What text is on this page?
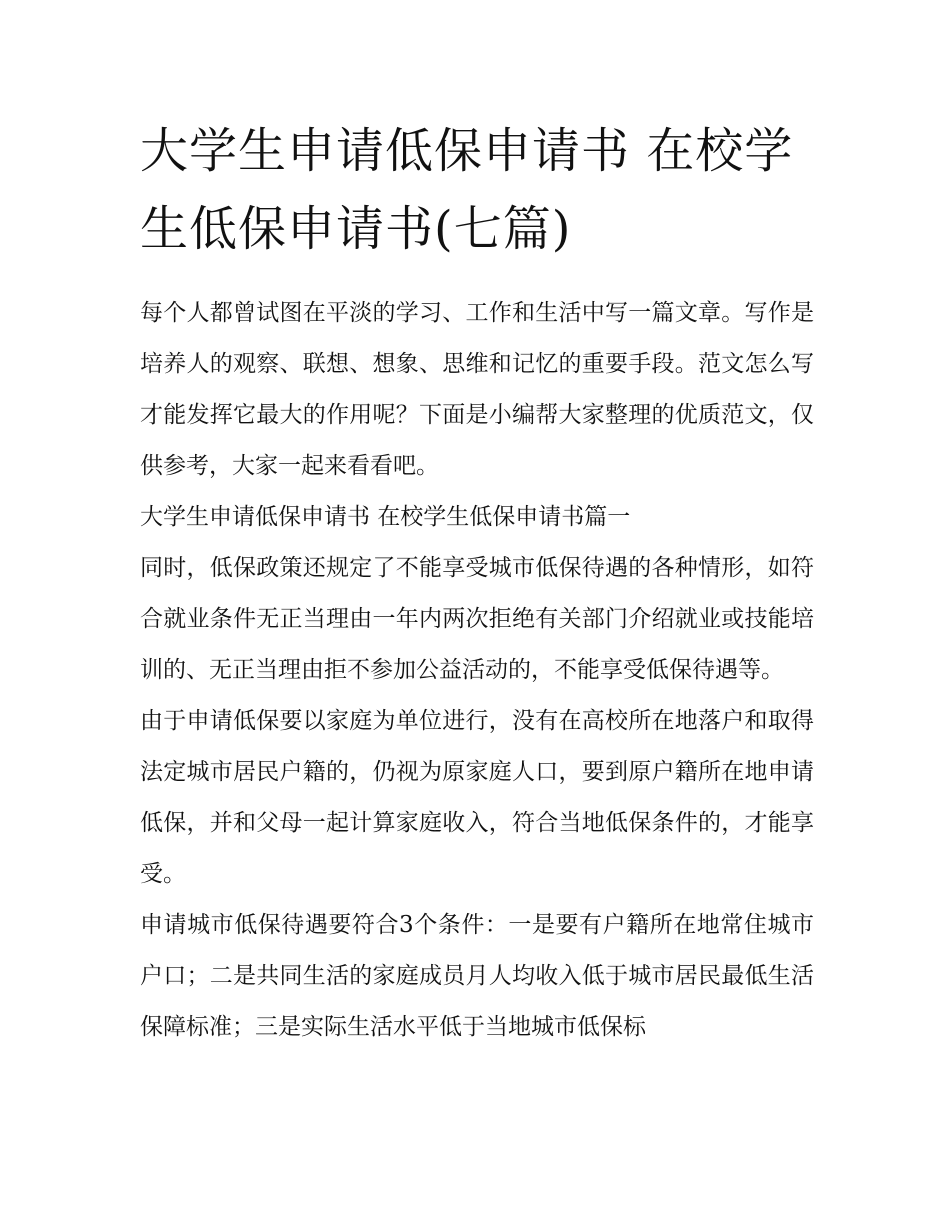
大学生申请低保申请书 在校学生低保申请书(七篇)

每个人都曾试图在平淡的学习、工作和生活中写一篇文章。写作是培养人的观察、联想、想象、思维和记忆的重要手段。范文怎么写才能发挥它最大的作用呢？下面是小编帮大家整理的优质范文，仅供参考，大家一起来看看吧。

大学生申请低保申请书 在校学生低保申请书篇一

同时，低保政策还规定了不能享受城市低保待遇的各种情形，如符合就业条件无正当理由一年内两次拒绝有关部门介绍就业或技能培训的、无正当理由拒不参加公益活动的，不能享受低保待遇等。

由于申请低保要以家庭为单位进行，没有在高校所在地落户和取得法定城市居民户籍的，仍视为原家庭人口，要到原户籍所在地申请低保，并和父母一起计算家庭收入，符合当地低保条件的，才能享受。

申请城市低保待遇要符合3个条件：一是要有户籍所在地常住城市户口；二是共同生活的家庭成员月人均收入低于城市居民最低生活保障标准；三是实际生活水平低于当地城市低保标
